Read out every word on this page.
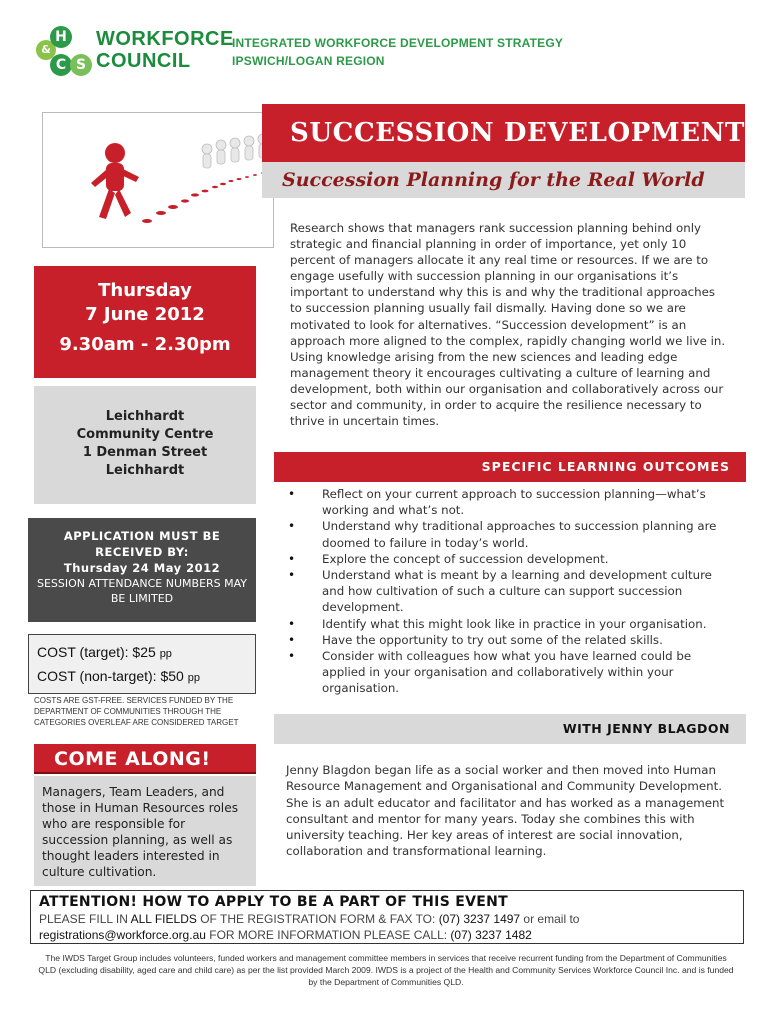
&
H
C S
WORKFORCE
COUNCIL
INTEGRATED WORKFORCE DEVELOPMENT STRATEGY
IPSWICH/LOGAN REGION
SUCCESSION DEVELOPMENT
Succession Planning for the Real World
Thursday
7 June 2012
9.30am - 2.30pm
Leichhardt
Community Centre
1 Denman Street
Leichhardt
APPLICATION MUST BE
RECEIVED BY:
Thursday 24 May 2012
SESSION ATTENDANCE NUMBERS MAY BE LIMITED
COST (target): $25 pp
COST (non-target): $50 pp
COSTS ARE GST-FREE. SERVICES FUNDED BY THE DEPARTMENT OF COMMUNITIES THROUGH THE CATEGORIES OVERLEAF ARE CONSIDERED TARGET
COME ALONG!

Managers, Team Leaders, and those in Human Resources roles who are responsible for succession planning, as well as thought leaders interested in culture cultivation.

Research shows that managers rank succession planning behind only strategic and financial planning in order of importance, yet only 10 percent of managers allocate it any real time or resources. If we are to engage usefully with succession planning in our organisations it’s important to understand why this is and why the traditional approaches to succession planning usually fail dismally. Having done so we are motivated to look for alternatives. “Succession development” is an approach more aligned to the complex, rapidly changing world we live in. Using knowledge arising from the new sciences and leading edge management theory it encourages cultivating a culture of learning and development, both within our organisation and collaboratively across our sector and community, in order to acquire the resilience necessary to thrive in uncertain times.

SPECIFIC LEARNING OUTCOMES
• Reflect on your current approach to succession planning—what’s working and what’s not.
• Understand why traditional approaches to succession planning are doomed to failure in today’s world.
• Explore the concept of succession development.
• Understand what is meant by a learning and development culture and how cultivation of such a culture can support succession development.
• Identify what this might look like in practice in your organisation.
• Have the opportunity to try out some of the related skills.
• Consider with colleagues how what you have learned could be applied in your organisation and collaboratively within your organisation.
WITH JENNY BLAGDON

Jenny Blagdon began life as a social worker and then moved into Human Resource Management and Organisational and Community Development. She is an adult educator and facilitator and has worked as a management consultant and mentor for many years. Today she combines this with university teaching. Her key areas of interest are social innovation, collaboration and transformational learning.

ATTENTION! HOW TO APPLY TO BE A PART OF THIS EVENT
PLEASE FILL IN ALL FIELDS OF THE REGISTRATION FORM & FAX TO: (07) 3237 1497 or email to
registrations@workforce.org.au FOR MORE INFORMATION PLEASE CALL: (07) 3237 1482

The IWDS Target Group includes volunteers, funded workers and management committee members in services that receive recurrent funding from the Department of Communities QLD (excluding disability, aged care and child care) as per the list provided March 2009. IWDS is a project of the Health and Community Services Workforce Council Inc. and is funded by the Department of Communities QLD.
